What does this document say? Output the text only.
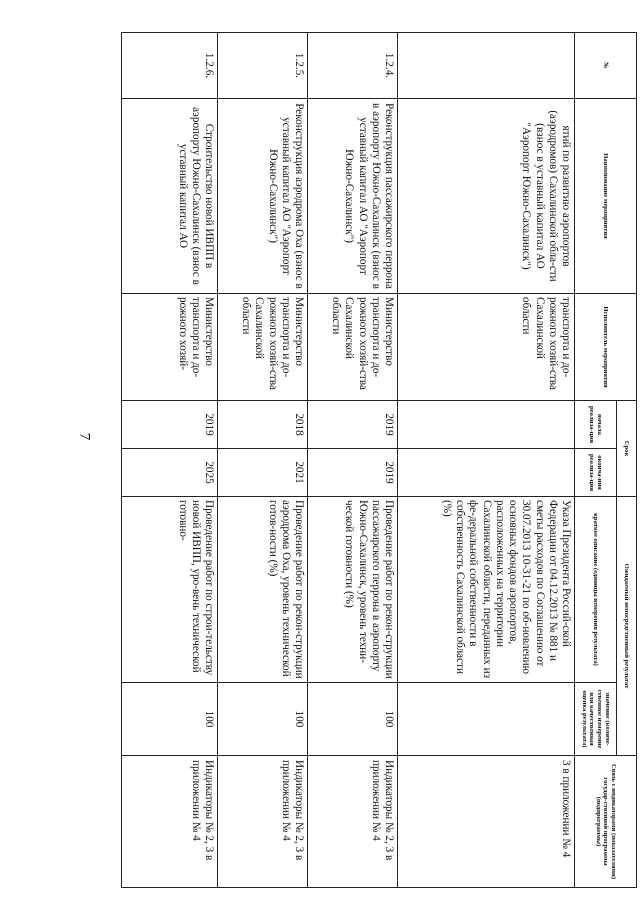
7
№	Наименование мероприятия	Исполнитель мероприятия	Срок		Ожидаемый непосредственный результат		Связь с индикаторами (показателями) государ-ственной программы (подпрограммы)
			начала реализа-ции	оконча-ния реализа-ции	краткое описание (единицы измерения результата)	значение (количе-ственное измерение или качественная оценка результата)	
	ятий по развитию аэропортов (аэродромов) Сахалинской обла-сти (взнос в уставный капитал АО "Аэропорт Южно-Сахалинск")	транспорта и до-рожного хозяй-ства Сахалинской области			Указа Президента Россий-ской Федерации от 04.12.2013 № 881 и сметы расходов по Соглашению от 30.07.2013 10-31-21 по об-новлению основных фондов аэропортов, расположенных на территории Сахалинской области, переданных из фе-деральной собственности в собственность Сахалинской области (%)		3 в приложении № 4
1.2.4.	Реконструкция пассажирского перрона в аэропорту Южно-Сахалинск (взнос в уставный капитал АО "Аэропорт Южно-Сахалинск")	Министерство транспорта и до-рожного хозяй-ства Сахалинской области	2019	2019	Проведение работ по рекон-струкции пассажирского перрона в аэропорту Южно-Сахалинск, уровень техни-ческой готовности (%)	100	Индикаторы № 2, 3 в приложении № 4
1.2.5.	Реконструкция аэродрома Оха (взнос в уставный капитал АО "Аэропорт Южно-Сахалинск")	Министерство транспорта и до-рожного хозяй-ства Сахалинской области	2018	2021	Проведение работ по рекон-струкции аэродрома Оха, уровень технической готов-ности (%)	100	Индикаторы № 2, 3 в приложении № 4
1.2.6.	Строительство новой ИВПП в аэропорту Южно-Сахалинск (взнос в уставный капитал АО	Министерство транспорта и до-рожного хозяй-	2019	2025	Проведение работ по строи-тельству новой ИВПП, уро-вень технической готовно-	100	Индикаторы № 2, 3 в приложении № 4
